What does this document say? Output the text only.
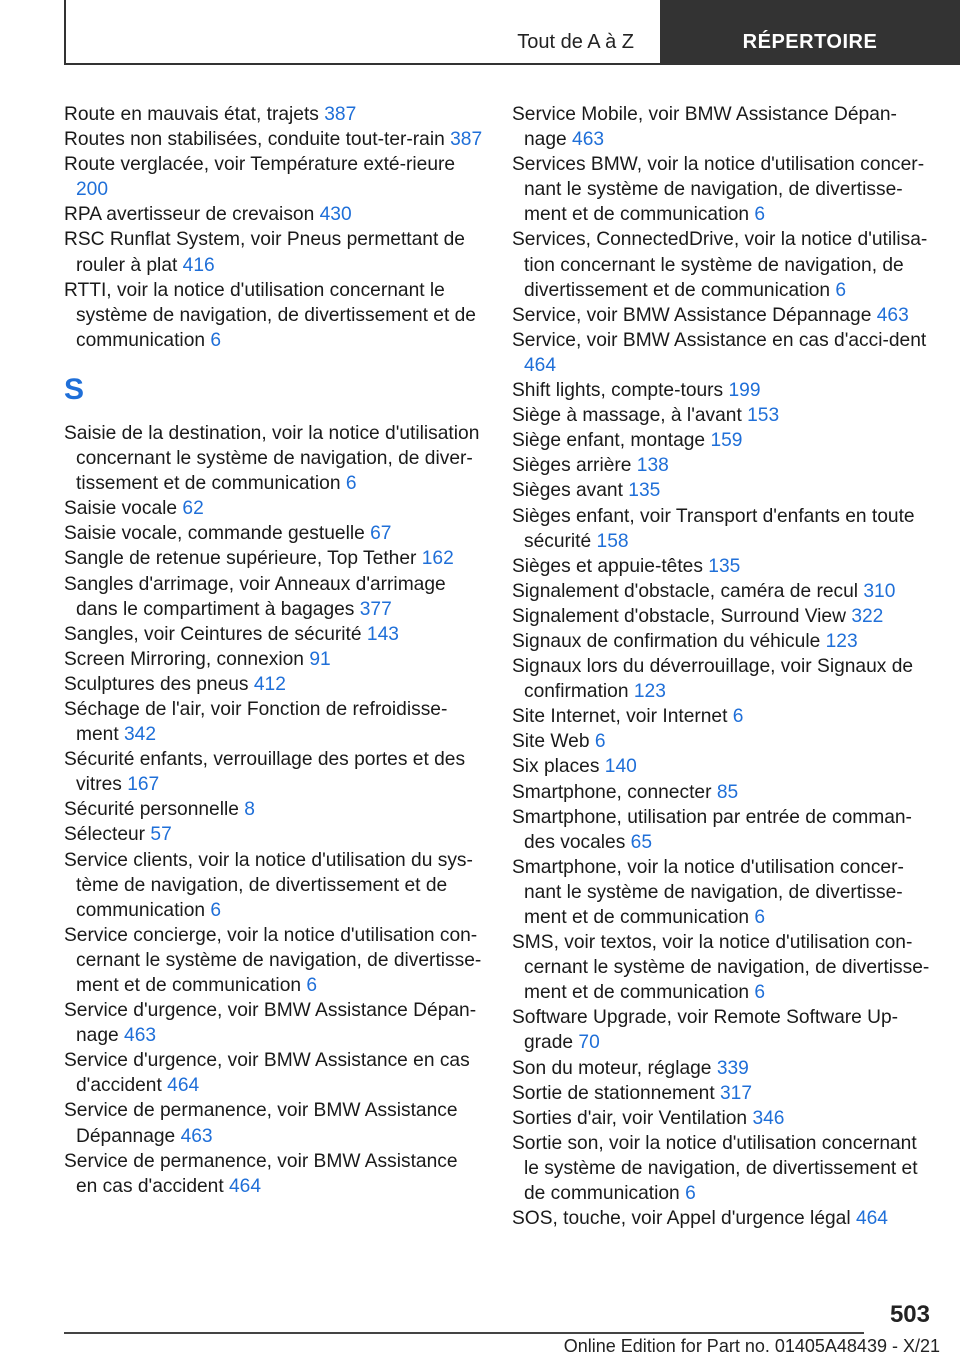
Tout de A à Z	RÉPERTOIRE
Route en mauvais état, trajets 387
Routes non stabilisées, conduite tout-ter-rain 387
Route verglacée, voir Température exté-rieure 200
RPA avertisseur de crevaison 430
RSC Runflat System, voir Pneus permettant de rouler à plat 416
RTTI, voir la notice d'utilisation concernant le système de navigation, de divertissement et de communication 6
S
Saisie de la destination, voir la notice d'utilisation concernant le système de navigation, de diver-tissement et de communication 6
Saisie vocale 62
Saisie vocale, commande gestuelle 67
Sangle de retenue supérieure, Top Tether 162
Sangles d'arrimage, voir Anneaux d'arrimage dans le compartiment à bagages 377
Sangles, voir Ceintures de sécurité 143
Screen Mirroring, connexion 91
Sculptures des pneus 412
Séchage de l'air, voir Fonction de refroidisse-ment 342
Sécurité enfants, verrouillage des portes et des vitres 167
Sécurité personnelle 8
Sélecteur 57
Service clients, voir la notice d'utilisation du sys-tème de navigation, de divertissement et de communication 6
Service concierge, voir la notice d'utilisation con-cernant le système de navigation, de divertisse-ment et de communication 6
Service d'urgence, voir BMW Assistance Dépan-nage 463
Service d'urgence, voir BMW Assistance en cas d'accident 464
Service de permanence, voir BMW Assistance Dépannage 463
Service de permanence, voir BMW Assistance en cas d'accident 464
Service Mobile, voir BMW Assistance Dépan-nage 463
Services BMW, voir la notice d'utilisation concer-nant le système de navigation, de divertisse-ment et de communication 6
Services, ConnectedDrive, voir la notice d'utilisa-tion concernant le système de navigation, de divertissement et de communication 6
Service, voir BMW Assistance Dépannage 463
Service, voir BMW Assistance en cas d'acci-dent 464
Shift lights, compte-tours 199
Siège à massage, à l'avant 153
Siège enfant, montage 159
Sièges arrière 138
Sièges avant 135
Sièges enfant, voir Transport d'enfants en toute sécurité 158
Sièges et appuie-têtes 135
Signalement d'obstacle, caméra de recul 310
Signalement d'obstacle, Surround View 322
Signaux de confirmation du véhicule 123
Signaux lors du déverrouillage, voir Signaux de confirmation 123
Site Internet, voir Internet 6
Site Web 6
Six places 140
Smartphone, connecter 85
Smartphone, utilisation par entrée de comman-des vocales 65
Smartphone, voir la notice d'utilisation concer-nant le système de navigation, de divertisse-ment et de communication 6
SMS, voir textos, voir la notice d'utilisation con-cernant le système de navigation, de divertisse-ment et de communication 6
Software Upgrade, voir Remote Software Up-grade 70
Son du moteur, réglage 339
Sortie de stationnement 317
Sorties d'air, voir Ventilation 346
Sortie son, voir la notice d'utilisation concernant le système de navigation, de divertissement et de communication 6
SOS, touche, voir Appel d'urgence légal 464
503
Online Edition for Part no. 01405A48439 - X/21
